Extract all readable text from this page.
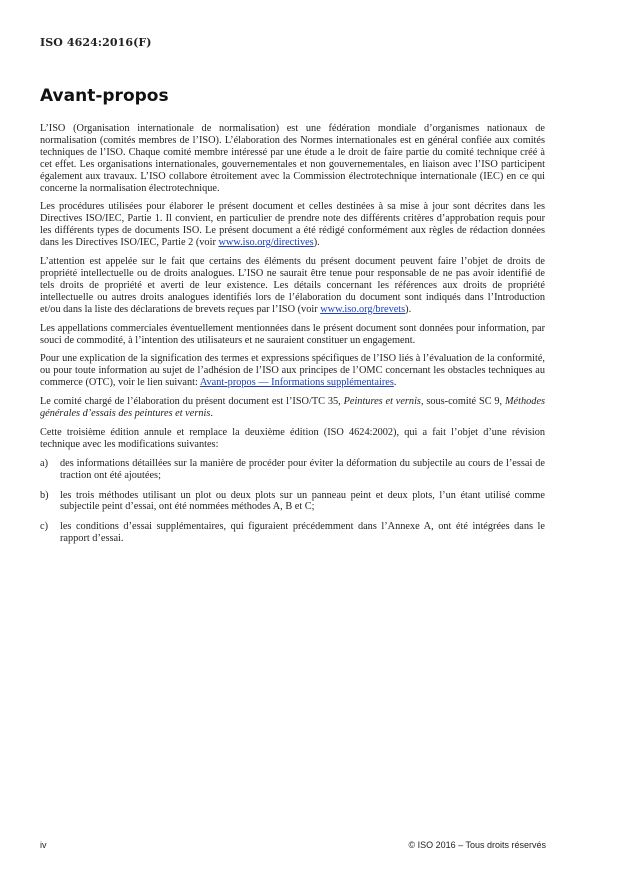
ISO 4624:2016(F)
Avant-propos

L’ISO (Organisation internationale de normalisation) est une fédération mondiale d’organismes nationaux de normalisation (comités membres de l’ISO). L’élaboration des Normes internationales est en général confiée aux comités techniques de l’ISO. Chaque comité membre intéressé par une étude a le droit de faire partie du comité technique créé à cet effet. Les organisations internationales, gouvernementales et non gouvernementales, en liaison avec l’ISO participent également aux travaux. L’ISO collabore étroitement avec la Commission électrotechnique internationale (IEC) en ce qui concerne la normalisation électrotechnique.

Les procédures utilisées pour élaborer le présent document et celles destinées à sa mise à jour sont décrites dans les Directives ISO/IEC, Partie 1. Il convient, en particulier de prendre note des différents critères d’approbation requis pour les différents types de documents ISO. Le présent document a été rédigé conformément aux règles de rédaction données dans les Directives ISO/IEC, Partie 2 (voir www.iso.org/directives).

L’attention est appelée sur le fait que certains des éléments du présent document peuvent faire l’objet de droits de propriété intellectuelle ou de droits analogues. L’ISO ne saurait être tenue pour responsable de ne pas avoir identifié de tels droits de propriété et averti de leur existence. Les détails concernant les références aux droits de propriété intellectuelle ou autres droits analogues identifiés lors de l’élaboration du document sont indiqués dans l’Introduction et/ou dans la liste des déclarations de brevets reçues par l’ISO (voir www.iso.org/brevets).

Les appellations commerciales éventuellement mentionnées dans le présent document sont données pour information, par souci de commodité, à l’intention des utilisateurs et ne sauraient constituer un engagement.

Pour une explication de la signification des termes et expressions spécifiques de l’ISO liés à l’évaluation de la conformité, ou pour toute information au sujet de l’adhésion de l’ISO aux principes de l’OMC concernant les obstacles techniques au commerce (OTC), voir le lien suivant: Avant-propos — Informations supplémentaires.

Le comité chargé de l’élaboration du présent document est l’ISO/TC 35, Peintures et vernis, sous-comité SC 9, Méthodes générales d’essais des peintures et vernis.

Cette troisième édition annule et remplace la deuxième édition (ISO 4624:2002), qui a fait l’objet d’une révision technique avec les modifications suivantes:

a) des informations détaillées sur la manière de procéder pour éviter la déformation du subjectile au cours de l’essai de traction ont été ajoutées;
b) les trois méthodes utilisant un plot ou deux plots sur un panneau peint et deux plots, l’un étant utilisé comme subjectile peint d’essai, ont été nommées méthodes A, B et C;
c) les conditions d’essai supplémentaires, qui figuraient précédemment dans l’Annexe A, ont été intégrées dans le rapport d’essai.
iv	© ISO 2016 – Tous droits réservés
